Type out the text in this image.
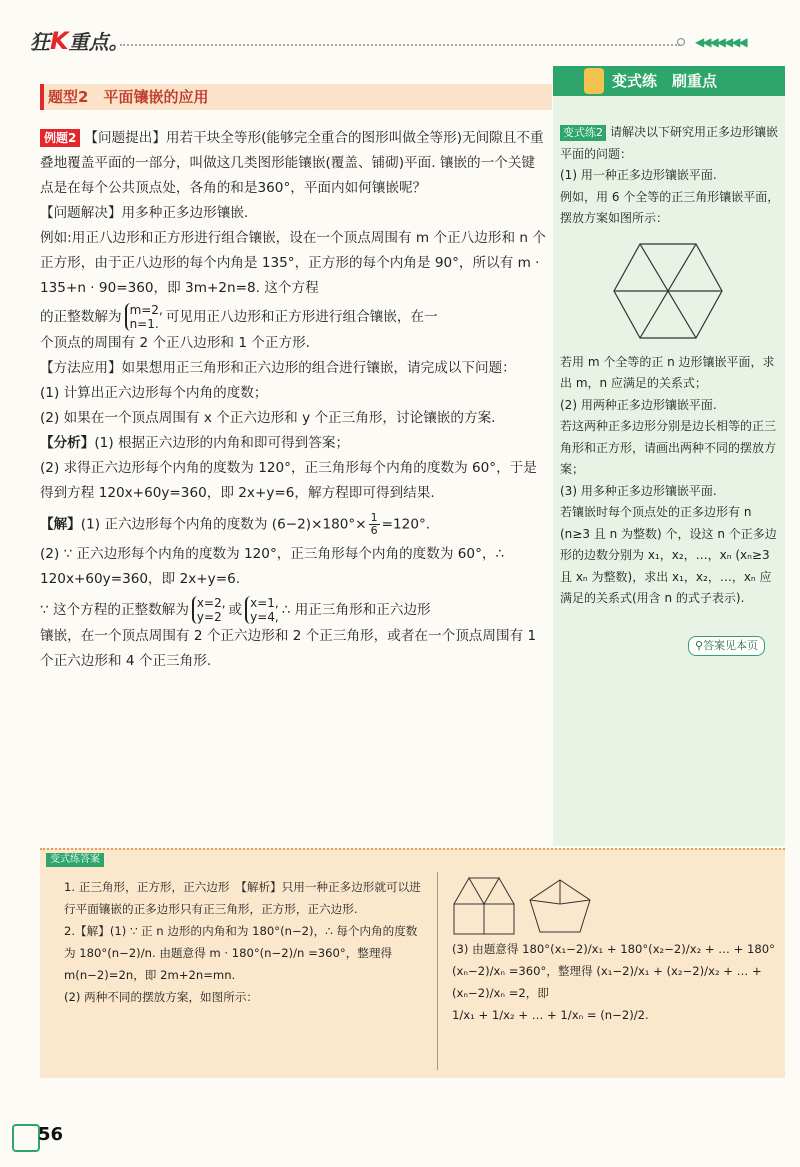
狂K重点。	◀◀◀◀◀◀◀
题型2　平面镶嵌的应用

例题2 【问题提出】用若干块全等形(能够完全重合的图形叫做全等形)无间隙且不重叠地覆盖平面的一部分，叫做这几类图形能镶嵌(覆盖、铺砌)平面. 镶嵌的一个关键点是在每个公共顶点处，各角的和是360°，平面内如何镶嵌呢？

【问题解决】用多种正多边形镶嵌.

例如:用正八边形和正方形进行组合镶嵌，设在一个顶点周围有 m 个正八边形和 n 个正方形，由于正八边形的每个内角是 135°，正方形的每个内角是 90°，所以有 m · 135+n · 90=360，即 3m+2n=8. 这个方程

的正整数解为 m=2,
n=1. 可见用正八边形和正方形进行组合镶嵌，在一

个顶点的周围有 2 个正八边形和 1 个正方形.

【方法应用】如果想用正三角形和正六边形的组合进行镶嵌，请完成以下问题：

(1) 计算出正六边形每个内角的度数；

(2) 如果在一个顶点周围有 x 个正六边形和 y 个正三角形，讨论镶嵌的方案.

【分析】(1) 根据正六边形的内角和即可得到答案；

(2) 求得正六边形每个内角的度数为 120°，正三角形每个内角的度数为 60°，于是得到方程 120x+60y=360，即 2x+y=6，解方程即可得到结果.

【解】(1) 正六边形每个内角的度数为 $(6-2)\times 180^\circ\times \frac{1}{6} =120^\circ$.

(2) ∵ 正六边形每个内角的度数为 120°，正三角形每个内角的度数为 60°，∴ 120x+60y=360，即 2x+y=6.

∵ 这个方程的正整数解为 x=2,
y=2 或 x=1,
y=4, ∴ 用正三角形和正六边形

镶嵌，在一个顶点周围有 2 个正六边形和 2 个正三角形，或者在一个顶点周围有 1 个正六边形和 4 个正三角形.

变式练　刷重点

变式练2 请解决以下研究用正多边形镶嵌平面的问题：

(1) 用一种正多边形镶嵌平面.

例如，用 6 个全等的正三角形镶嵌平面，摆放方案如图所示：

若用 m 个全等的正 n 边形镶嵌平面，求出 m，n 应满足的关系式；

(2) 用两种正多边形镶嵌平面.

若这两种正多边形分别是边长相等的正三角形和正方形，请画出两种不同的摆放方案；

(3) 用多种正多边形镶嵌平面.

若镶嵌时每个顶点处的正多边形有 n (n≥3 且 n 为整数) 个，设这 n 个正多边形的边数分别为 x₁，x₂，…，xₙ (xₙ≥3 且 xₙ 为整数)，求出 x₁，x₂，…，xₙ 应满足的关系式(用含 n 的式子表示).

⚲答案见本页
变式练答案

1. 正三角形，正方形，正六边形　【解析】只用一种正多边形就可以进行平面镶嵌的正多边形只有正三角形，正方形，正六边形.

2.【解】(1) ∵ 正 n 边形的内角和为 180°(n−2)，∴ 每个内角的度数为 180°(n−2)/n. 由题意得 m · 180°(n−2)/n =360°，整理得 m(n−2)=2n，即 2m+2n=mn.

(2) 两种不同的摆放方案，如图所示：

(3) 由题意得 180°(x₁−2)/x₁ + 180°(x₂−2)/x₂ + … + 180°(xₙ−2)/xₙ =360°，整理得 (x₁−2)/x₁ + (x₂−2)/x₂ + … + (xₙ−2)/xₙ =2，即

1/x₁ + 1/x₂ + … + 1/xₙ = (n−2)/2.

56
